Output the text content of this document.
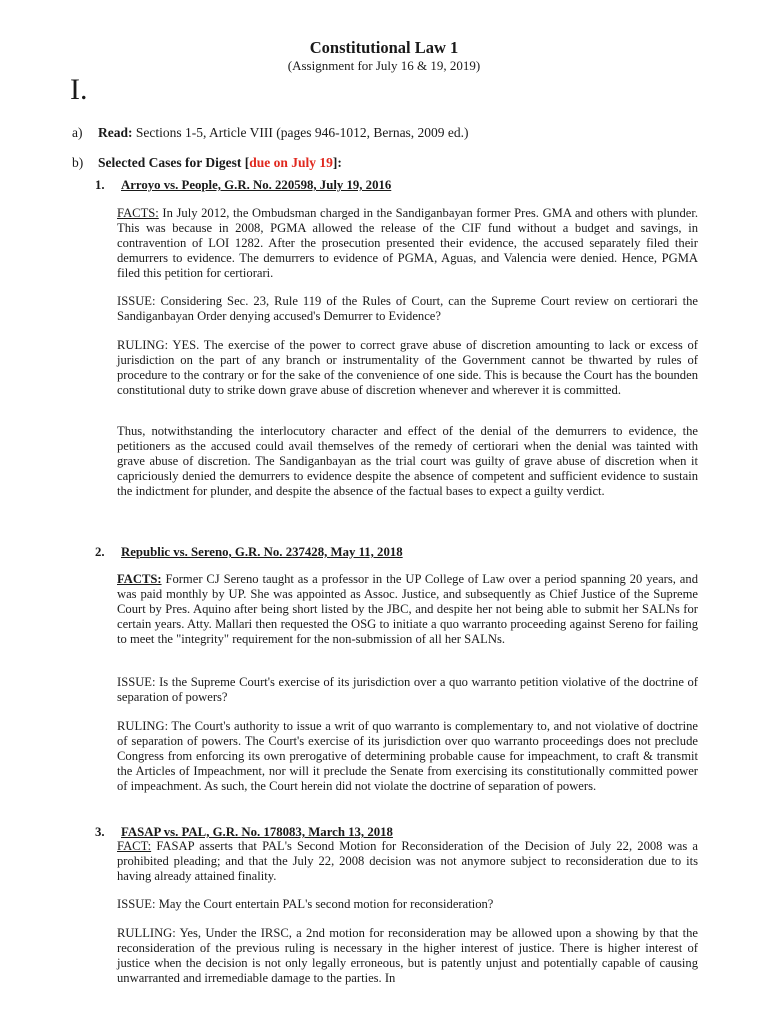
Constitutional Law 1
(Assignment for July 16 & 19, 2019)
I.
a) Read: Sections 1-5, Article VIII (pages 946-1012, Bernas, 2009 ed.)
b) Selected Cases for Digest [due on July 19]:
1. Arroyo vs. People, G.R. No. 220598, July 19, 2016

FACTS: In July 2012, the Ombudsman charged in the Sandiganbayan former Pres. GMA and others with plunder. This was because in 2008, PGMA allowed the release of the CIF fund without a budget and savings, in contravention of LOI 1282. After the prosecution presented their evidence, the accused separately filed their demurrers to evidence. The demurrers to evidence of PGMA, Aguas, and Valencia were denied. Hence, PGMA filed this petition for certiorari.

ISSUE: Considering Sec. 23, Rule 119 of the Rules of Court, can the Supreme Court review on certiorari the Sandiganbayan Order denying accused's Demurrer to Evidence?

RULING: YES. The exercise of the power to correct grave abuse of discretion amounting to lack or excess of jurisdiction on the part of any branch or instrumentality of the Government cannot be thwarted by rules of procedure to the contrary or for the sake of the convenience of one side. This is because the Court has the bounden constitutional duty to strike down grave abuse of discretion whenever and wherever it is committed.

Thus, notwithstanding the interlocutory character and effect of the denial of the demurrers to evidence, the petitioners as the accused could avail themselves of the remedy of certiorari when the denial was tainted with grave abuse of discretion. The Sandiganbayan as the trial court was guilty of grave abuse of discretion when it capriciously denied the demurrers to evidence despite the absence of competent and sufficient evidence to sustain the indictment for plunder, and despite the absence of the factual bases to expect a guilty verdict.

2. Republic vs. Sereno, G.R. No. 237428, May 11, 2018

FACTS: Former CJ Sereno taught as a professor in the UP College of Law over a period spanning 20 years, and was paid monthly by UP. She was appointed as Assoc. Justice, and subsequently as Chief Justice of the Supreme Court by Pres. Aquino after being short listed by the JBC, and despite her not being able to submit her SALNs for certain years. Atty. Mallari then requested the OSG to initiate a quo warranto proceeding against Sereno for failing to meet the "integrity" requirement for the non-submission of all her SALNs.

ISSUE: Is the Supreme Court's exercise of its jurisdiction over a quo warranto petition violative of the doctrine of separation of powers?

RULING: The Court's authority to issue a writ of quo warranto is complementary to, and not violative of doctrine of separation of powers. The Court's exercise of its jurisdiction over quo warranto proceedings does not preclude Congress from enforcing its own prerogative of determining probable cause for impeachment, to craft & transmit the Articles of Impeachment, nor will it preclude the Senate from exercising its constitutionally committed power of impeachment. As such, the Court herein did not violate the doctrine of separation of powers.

3. FASAP vs. PAL, G.R. No. 178083, March 13, 2018

FACT: FASAP asserts that PAL's Second Motion for Reconsideration of the Decision of July 22, 2008 was a prohibited pleading; and that the July 22, 2008 decision was not anymore subject to reconsideration due to its having already attained finality.

ISSUE: May the Court entertain PAL's second motion for reconsideration?

RULLING: Yes, Under the IRSC, a 2nd motion for reconsideration may be allowed upon a showing by that the reconsideration of the previous ruling is necessary in the higher interest of justice. There is higher interest of justice when the decision is not only legally erroneous, but is patently unjust and potentially capable of causing unwarranted and irremediable damage to the parties. In
